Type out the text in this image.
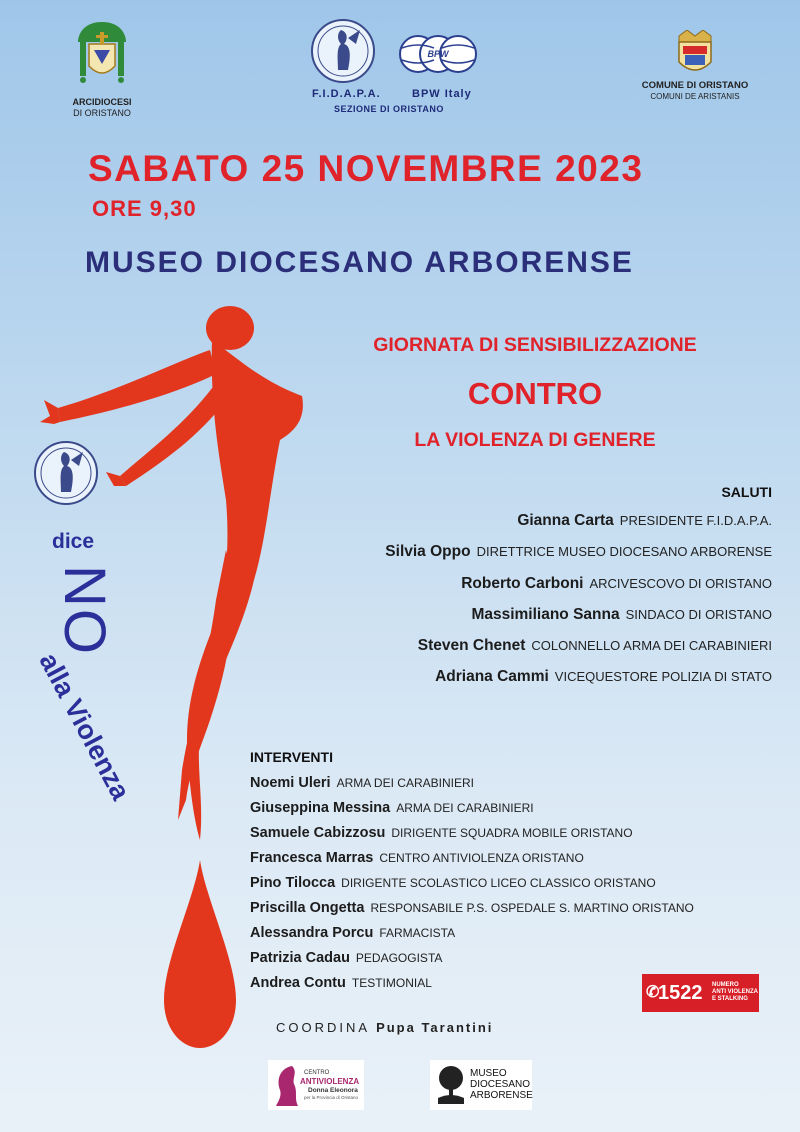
ARCIDIOCESI
DI ORISTANO
BPW
F.I.D.A.P.A.	BPW Italy
SEZIONE DI ORISTANO
COMUNE DI ORISTANO
COMUNI DE ARISTANIS
SABATO 25 NOVEMBRE 2023
ORE 9,30
MUSEO DIOCESANO ARBORENSE
dice
NO
alla Violenza
GIORNATA DI SENSIBILIZZAZIONE
CONTRO
LA VIOLENZA DI GENERE
SALUTI
Gianna Carta PRESIDENTE F.I.D.A.P.A.
Silvia Oppo DIRETTRICE MUSEO DIOCESANO ARBORENSE
Roberto Carboni ARCIVESCOVO DI ORISTANO
Massimiliano Sanna SINDACO DI ORISTANO
Steven Chenet COLONNELLO ARMA DEI CARABINIERI
Adriana Cammi VICEQUESTORE POLIZIA DI STATO
INTERVENTI
Noemi Uleri ARMA DEI CARABINIERI
Giuseppina Messina ARMA DEI CARABINIERI
Samuele Cabizzosu DIRIGENTE SQUADRA MOBILE ORISTANO
Francesca Marras CENTRO ANTIVIOLENZA ORISTANO
Pino Tilocca DIRIGENTE SCOLASTICO LICEO CLASSICO ORISTANO
Priscilla Ongetta RESPONSABILE P.S. OSPEDALE S. MARTINO ORISTANO
Alessandra Porcu FARMACISTA
Patrizia Cadau PEDAGOGISTA
Andrea Contu TESTIMONIAL
✆
1522 NUMERO
ANTI VIOLENZA
E STALKING
COORDINA Pupa Tarantini
CENTRO
ANTIVIOLENZA
Donna Eleonora
per la Provincia di Oristano
MUSEO
DIOCESANO
ARBORENSE
